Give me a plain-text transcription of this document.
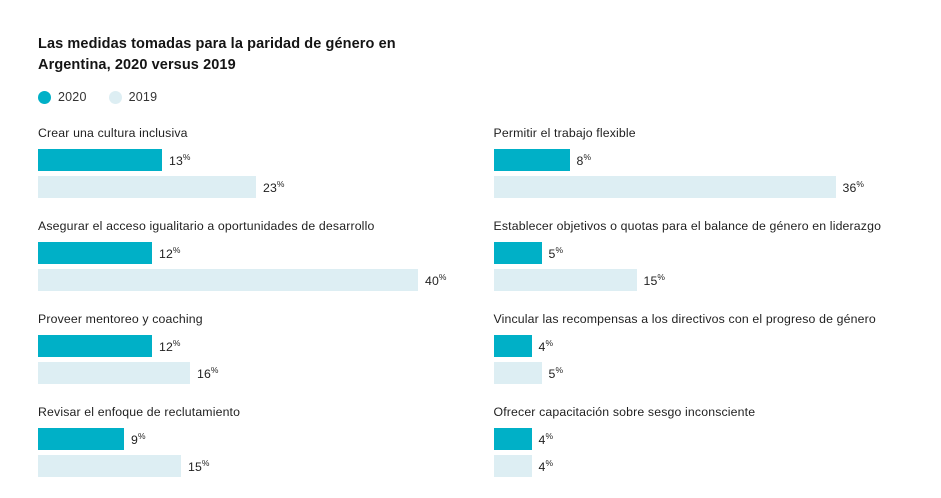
Las medidas tomadas para la paridad de género en Argentina, 2020 versus 2019
2020	2019
Crear una cultura inclusiva
13%
23%
Asegurar el acceso igualitario a oportunidades de desarrollo
12%
40%
Proveer mentoreo y coaching
12%
16%
Revisar el enfoque de reclutamiento
9%
15%
Permitir el trabajo flexible
8%
36%
Establecer objetivos o quotas para el balance de género en liderazgo
5%
15%
Vincular las recompensas a los directivos con el progreso de género
4%
5%
Ofrecer capacitación sobre sesgo inconsciente
4%
4%
